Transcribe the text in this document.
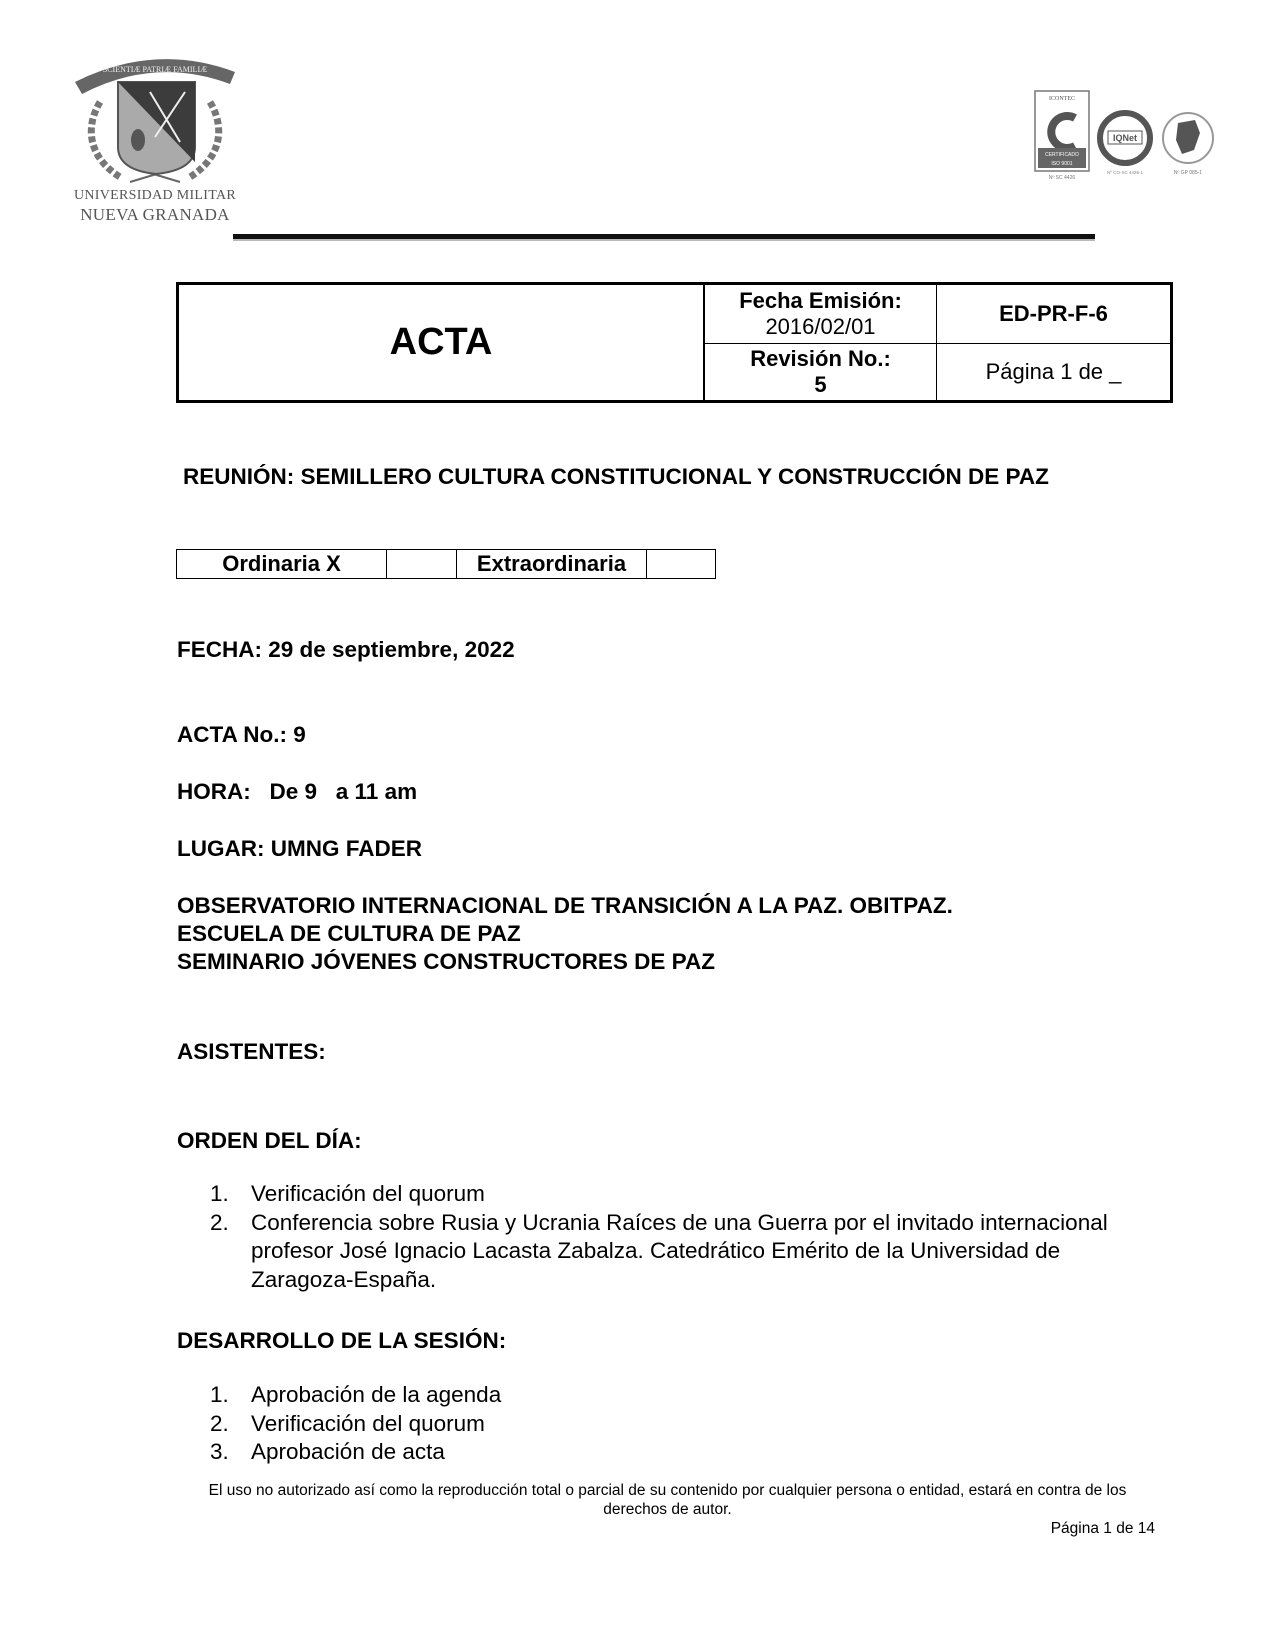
SCIENTIÆ PATRIÆ FAMILIÆ
UNIVERSIDAD MILITAR
NUEVA GRANADA
ICONTEC
CERTIFICADO
ISO 9001
Nº SC 4426
IQNet
Nº CO-SC 4426-1	Nº GP 085-1
ACTA
Fecha Emisión:
2016/02/01
ED-PR-F-6
Revisión No.:
5
Página 1 de _
REUNIÓN: SEMILLERO CULTURA CONSTITUCIONAL Y CONSTRUCCIÓN DE PAZ
Ordinaria X	Extraordinaria
FECHA: 29 de septiembre, 2022
ACTA No.: 9
HORA:   De 9   a 11 am
LUGAR: UMNG FADER
OBSERVATORIO INTERNACIONAL DE TRANSICIÓN A LA PAZ. OBITPAZ.
ESCUELA DE CULTURA DE PAZ
SEMINARIO JÓVENES CONSTRUCTORES DE PAZ
ASISTENTES:
ORDEN DEL DÍA:
1. Verificación del quorum
2. Conferencia sobre Rusia y Ucrania Raíces de una Guerra por el invitado internacional profesor José Ignacio Lacasta Zabalza. Catedrático Emérito de la Universidad de Zaragoza-España.
DESARROLLO DE LA SESIÓN:
1. Aprobación de la agenda
2. Verificación del quorum
3. Aprobación de acta
El uso no autorizado así como la reproducción total o parcial de su contenido por cualquier persona o entidad, estará en contra de los derechos de autor.
Página 1 de 14
